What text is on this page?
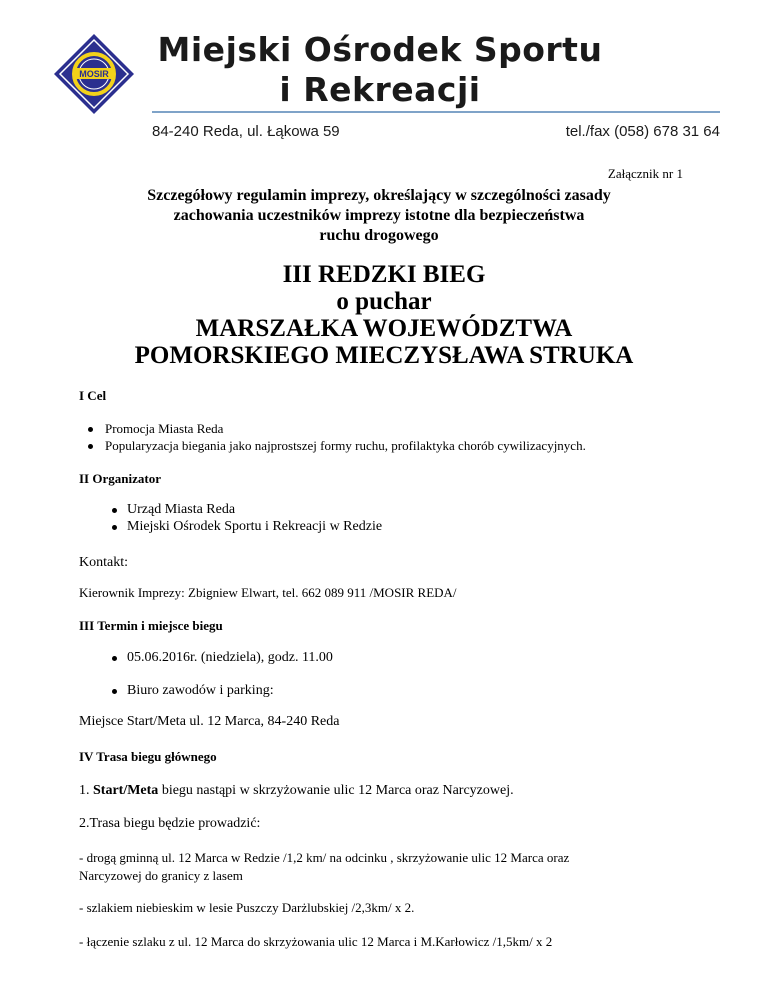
MOSIR
Miejski Ośrodek Sportu
i Rekreacji
84-240 Reda, ul. Łąkowa 59	tel./fax (058) 678 31 64
Załącznik nr 1
Szczegółowy regulamin imprezy, określający w szczególności zasady
zachowania uczestników imprezy istotne dla bezpieczeństwa
ruchu drogowego
III REDZKI BIEG
o puchar
MARSZAŁKA WOJEWÓDZTWA
POMORSKIEGO MIECZYSŁAWA STRUKA
I Cel
Promocja Miasta Reda
Popularyzacja biegania jako najprostszej formy ruchu, profilaktyka chorób cywilizacyjnych.
II Organizator
Urząd Miasta Reda
Miejski Ośrodek Sportu i Rekreacji w Redzie
Kontakt:
Kierownik Imprezy: Zbigniew Elwart, tel. 662 089 911 /MOSIR REDA/
III Termin i miejsce biegu
05.06.2016r. (niedziela), godz. 11.00
Biuro zawodów i parking:
Miejsce Start/Meta ul. 12 Marca, 84-240 Reda
IV Trasa biegu głównego
1. Start/Meta biegu nastąpi w skrzyżowanie ulic 12 Marca oraz Narcyzowej.
2.Trasa biegu będzie prowadzić:
- drogą gminną ul. 12 Marca w Redzie /1,2 km/ na odcinku , skrzyżowanie ulic 12 Marca oraz
Narcyzowej do granicy z lasem
- szlakiem niebieskim w lesie Puszczy Darżlubskiej /2,3km/ x 2.
- łączenie szlaku z ul. 12 Marca do skrzyżowania ulic 12 Marca i M.Karłowicz /1,5km/ x 2
